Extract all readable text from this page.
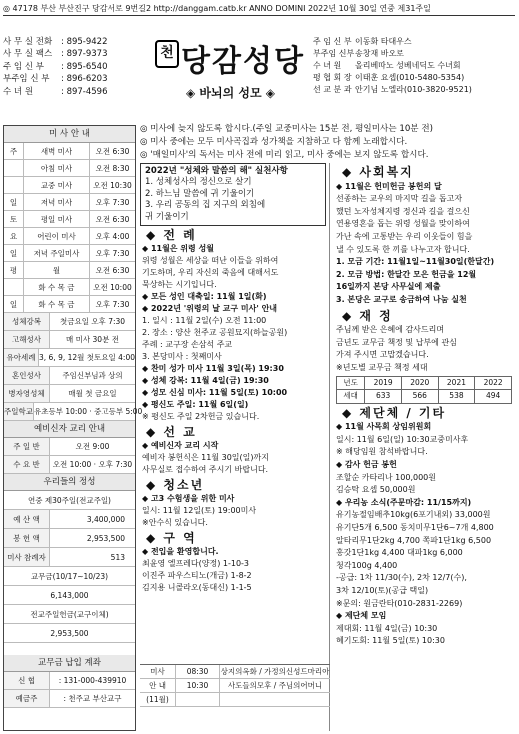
◎ 47178 부산 부산진구 당감서로 9번길2 http://danggam.catb.kr ANNO DOMINI 2022년 10월 30일 연중 제31주일
사 무 실 전화	: 895-9422
사 무 실 팩스	: 897-9373
주 임 신 부	: 895-6540
부주임 신 부	: 896-6203
수 녀 원	: 897-4596
천 당감성당
◈ 바뇌의 성모 ◈
주 임 신 부 이동화 타대우스
부주임 신부 송창재 바오로
수 녀 원	올리베따노 성베네딕도 수녀회
평 협 회 장 이태훈 요셉(010-5480-5354)
선 교 분 과 안기님 노엘라(010-3820-9521)
미 사 안 내
주	새벽 미사	오전 6:30
아침 미사	오전 8:30
교중 미사	오전 10:30
일	저녁 미사	오후 7:30
토	평일 미사	오전 6:30
요	어린이 미사	오후 4:00
일	저녁 주일미사	오후 7:30
평	월	오전 6:30
화 수 목 금	오전 10:00
일	화 수 목 금	오후 7:30
성체강복	첫금요일 오후 7:30
고해성사	매 미사 30분 전
유아세례 3, 6, 9, 12월 첫토요일 4:00
혼인성사	주임신부님과 상의
병자영성체	매월 첫 금요일
주일학교 유초등부 10:00 · 중고등부 5:00
예비신자 교리 안내
주 일 반	오전 9:00
수 요 반	오전 10:00 · 오후 7:30
우리들의 정성
연중 제30주일(전교주일)
예 산 액	3,400,000
봉 헌 액	2,953,500
미사 참례자	513
교무금(10/17~10/23)
6,143,000
전교주일헌금(교구이체)
2,953,500
교무금 납입 계좌
신 협	: 131-000-439910
예금주	: 천주교 부산교구
◎ 미사에 늦지 않도록 합시다.(주일 교중미사는 15분 전, 평일미사는 10분 전)
◎ 미사 중에는 모두 미사곡집과 성가책을 지참하고 다 함께 노래합시다.
◎ '매일미사'의 독서는 미사 전에 미리 읽고, 미사 중에는 보지 않도록 합시다.
2022년 "성체와 말씀의 해" 실천사항
1. 성체성사의 정신으로 살기
2. 하느님 말씀에 귀 기울이기
3. 우리 공동의 집 지구의 외침에
귀 기울이기
◆ 전 례
◆ 11월은 위령 성월
위령 성월은 세상을 떠난 이들을 위하여
기도하며, 우리 자신의 죽음에 대해서도
묵상하는 시기입니다.
◆ 모든 성인 대축일: 11월 1일(화)
◆ 2022년 '위령의 날 교구 미사' 안내
1. 일시 : 11월 2일(수) 오전 11:00
2. 장소 : 양산 천주교 공원묘지(하늘공원)
주례 : 교구장 손삼석 주교
3. 본당미사 : 첫째미사
◆ 찬미 성가 미사 11월 3일(목) 19:30
◆ 성체 강복: 11월 4일(금) 19:30
◆ 성모 신심 미사: 11월 5일(토) 10:00
◆ 평신도 주일: 11월 6일(일)
※ 평신도 주일 2차헌금 있습니다.
◆ 선 교
◆ 예비신자 교리 시작
예비자 봉헌식은 11월 30일(일)까지
사무실로 접수하여 주시기 바랍니다.
◆ 청소년
◆ 고3 수험생을 위한 미사
일시: 11월 12일(토) 19:00미사
※안수식 있습니다.
◆ 구 역
◆ 전입을 환영합니다.
최윤영 엘프레다(양정) 1-10-3
이진주 파우스티노(개금) 1-8-2
김지용 니콜라오(동대신) 1-1-5
미사	08:30	상지의옥화 / 가정의신성드마리아
안 내	10:30	사도들의모후 / 주님의어머니
(11월)
◆ 사회복지
◆ 11월은 헌미헌금 봉헌의 달
선종하는 교우의 마지막 길을 돕고자
했던 노자성체지령 정신과 길을 걸으신
연용영혼을 돕는 위령 성월을 맞이하여
가난 속에 고통받는 우리 이웃들이 힘을
낼 수 있도록 한 끼를 나누고자 합니다.
1. 모금 기간: 11월1일~11월30일(한달간)
2. 모금 방법: 한달간 모은 헌금을 12월
16일까지 본당 사무실에 제출
3. 본당은 교구로 송금하여 나눔 실천
◆ 재 정
주님께 받은 은혜에 감사드리며
금년도 교무금 책정 및 납부에 관심
가져 주시면 고맙겠습니다.
※년도별 교무금 책정 세대
년도	2019	2020	2021	2022
세대	633	566	538	494
◆ 제단체 / 기타
◆ 11월 사목회 상임위원회
일시: 11월 6일(일) 10:30교중미사후
※ 해당임원 참석바랍니다.
◆ 감사 헌금 봉헌
조할순 카타리나 100,000원
김승탁 요셉 50,000원
◆ 우리농 소식(주문마감: 11/15까지)
유기농절임배추10kg(6포기내외) 33,000원
유기단5개 6,500 동치미무1단6~7개 4,800
알타리무1단2kg 4,700 쪽파1단1kg 6,500
홍갓1단1kg 4,400 대파1kg 6,000
청각100g 4,400
-공급: 1차 11/30(수), 2차 12/7(수),
3차 12/10(토)(공급 택일)
※문의: 원금란타(010-2831-2269)
◆ 제단체 모임
제대회: 11월 4일(금) 10:30
혜기도회: 11월 5일(토) 10:30
